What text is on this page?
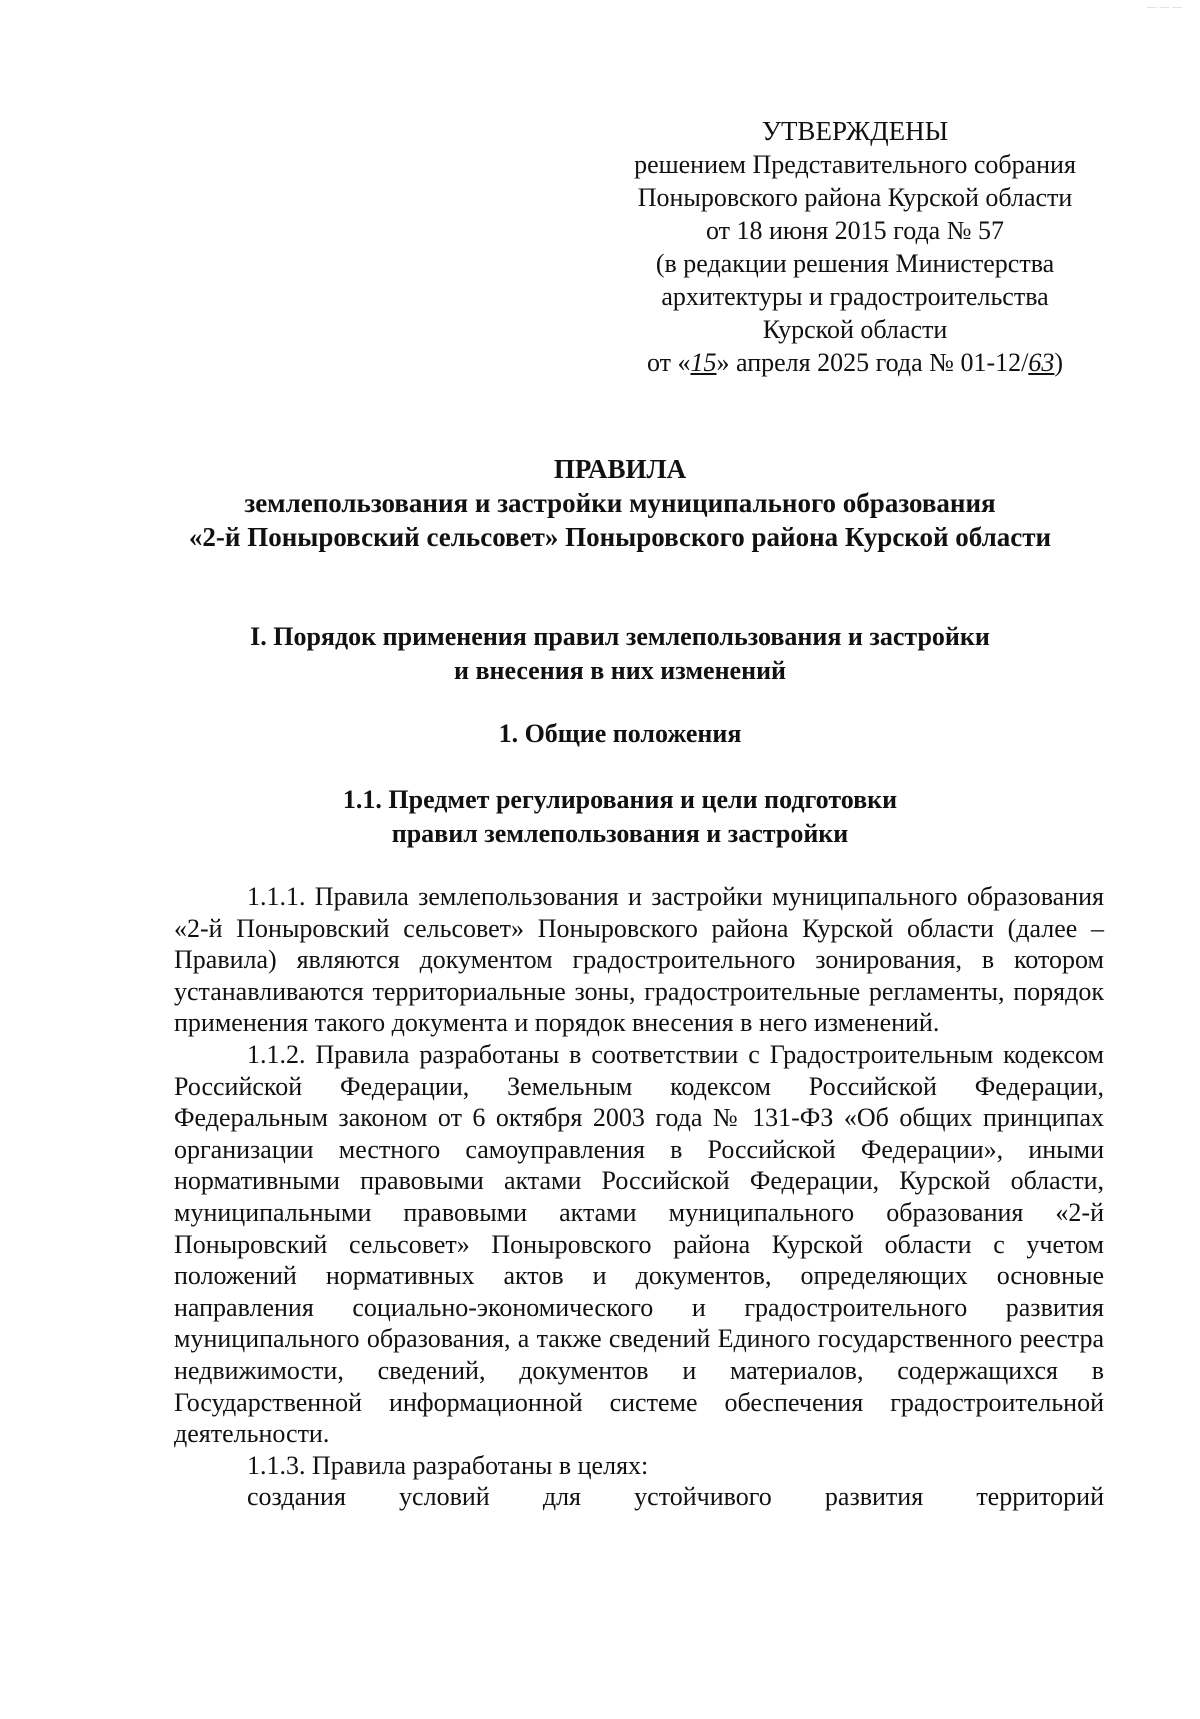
— — —
УТВЕРЖДЕНЫ
решением Представительного собрания
Поныровского района Курской области
от 18 июня 2015 года № 57
(в редакции решения Министерства
архитектуры и градостроительства
Курской области
от «15» апреля 2025 года № 01-12/63)
ПРАВИЛА
землепользования и застройки муниципального образования
«2-й Поныровский сельсовет» Поныровского района Курской области
I. Порядок применения правил землепользования и застройки
и внесения в них изменений
1. Общие положения
1.1. Предмет регулирования и цели подготовки
правил землепользования и застройки

1.1.1. Правила землепользования и застройки муниципального образования «2-й Поныровский сельсовет» Поныровского района Курской области (далее – Правила) являются документом градостроительного зонирования, в котором устанавливаются территориальные зоны, градостроительные регламенты, порядок применения такого документа и порядок внесения в него изменений.

1.1.2. Правила разработаны в соответствии с Градостроительным кодексом Российской Федерации, Земельным кодексом Российской Федерации, Федеральным законом от 6 октября 2003 года № 131-ФЗ «Об общих принципах организации местного самоуправления в Российской Федерации», иными нормативными правовыми актами Российской Федерации, Курской области, муниципальными правовыми актами муниципального образования «2-й Поныровский сельсовет» Поныровского района Курской области с учетом положений нормативных актов и документов, определяющих основные направления социально-экономического и градостроительного развития муниципального образования, а также сведений Единого государственного реестра недвижимости, сведений, документов и материалов, содержащихся в Государственной информационной системе обеспечения градостроительной деятельности.

1.1.3. Правила разработаны в целях:

создания условий для устойчивого развития территорий
